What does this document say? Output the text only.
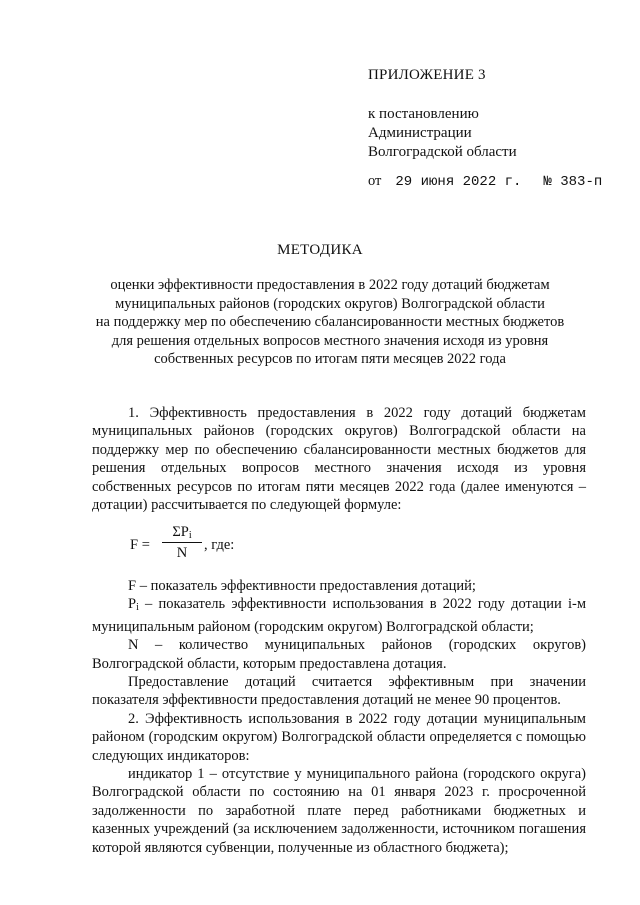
ПРИЛОЖЕНИЕ 3
к постановлению
Администрации
Волгоградской области
от 29 июня 2022 г. № 383-п
МЕТОДИКА
оценки эффективности предоставления в 2022 году дотаций бюджетам
муниципальных районов (городских округов) Волгоградской области
на поддержку мер по обеспечению сбалансированности местных бюджетов
для решения отдельных вопросов местного значения исходя из уровня
собственных ресурсов по итогам пяти месяцев 2022 года

1. Эффективность предоставления в 2022 году дотаций бюджетам муниципальных районов (городских округов) Волгоградской области на поддержку мер по обеспечению сбалансированности местных бюджетов для решения отдельных вопросов местного значения исходя из уровня собственных ресурсов по итогам пяти месяцев 2022 года (далее именуются – дотации) рассчитывается по следующей формуле:

F =
$\Sigma P_i$
N	, где:

F – показатель эффективности предоставления дотаций;

Pi – показатель эффективности использования в 2022 году дотации i-м муниципальным районом (городским округом) Волгоградской области;

N – количество муниципальных районов (городских округов) Волгоградской области, которым предоставлена дотация.

Предоставление дотаций считается эффективным при значении показателя эффективности предоставления дотаций не менее 90 процентов.

2. Эффективность использования в 2022 году дотации муниципальным районом (городским округом) Волгоградской области определяется с помощью следующих индикаторов:

индикатор 1 – отсутствие у муниципального района (городского округа) Волгоградской области по состоянию на 01 января 2023 г. просроченной задолженности по заработной плате перед работниками бюджетных и казенных учреждений (за исключением задолженности, источником погашения которой являются субвенции, полученные из областного бюджета);
